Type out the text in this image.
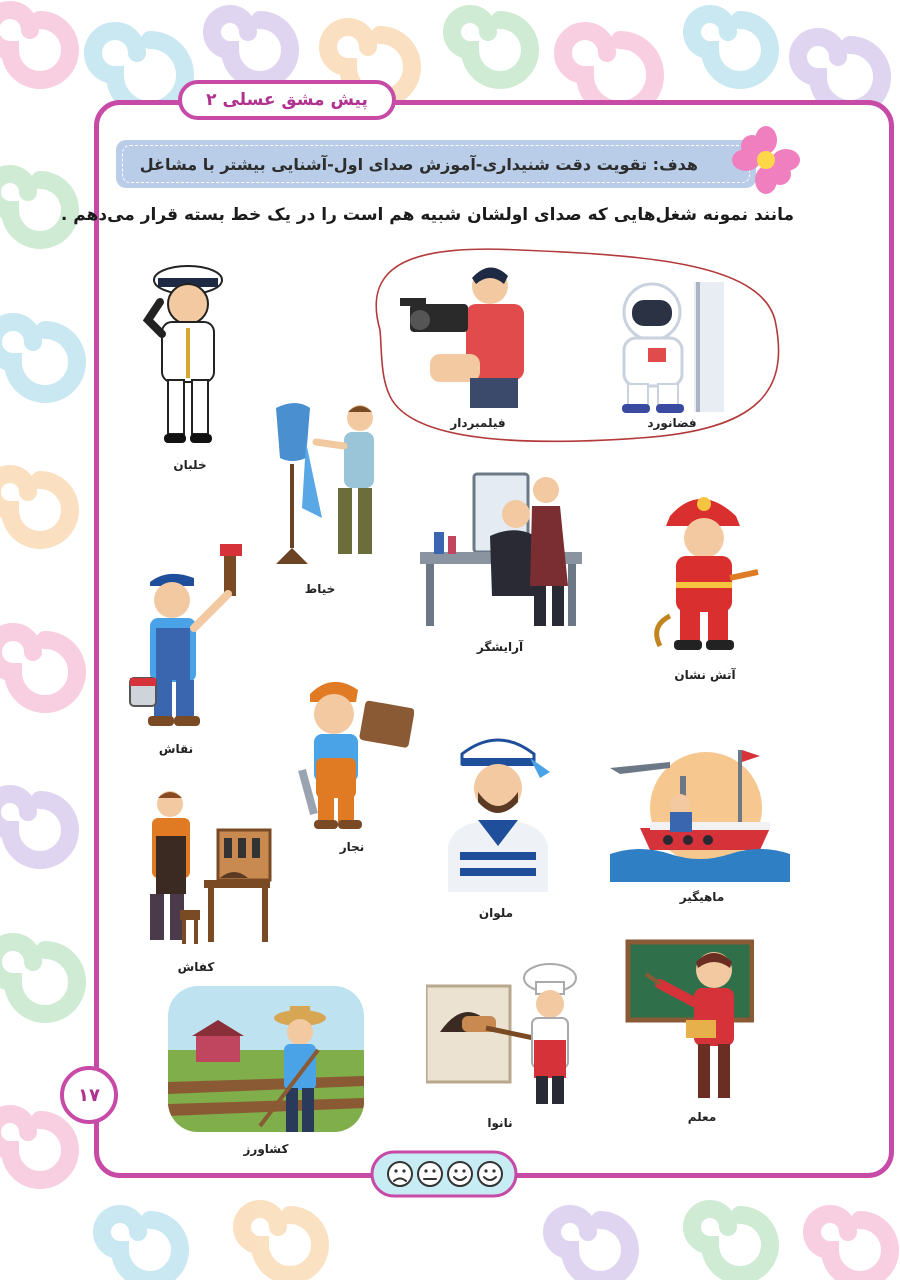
پیش مشق عسلی ۲
هدف: تقویت دقت شنیداری-آموزش صدای اول-آشنایی بیشتر با مشاغل
مانند نمونه شغل‌هایی که صدای اولشان شبیه هم است را در یک خط بسته قرار می‌دهم .
خلبان
فیلمبردار	فضانورد
خیاط
آرایشگر
آتش نشان
نقاش
نجار
ملوان
ماهیگیر
کفاش
معلم
نانوا
کشاورز
۱۷
